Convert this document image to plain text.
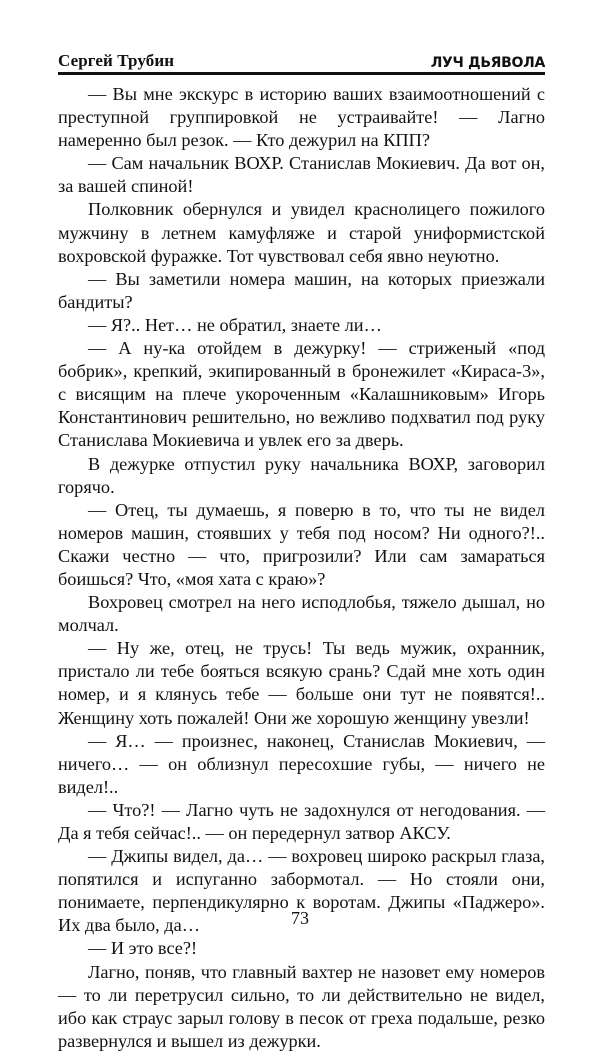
Сергей Трубин	ЛУЧ ДЬЯВОЛА

— Вы мне экскурс в историю ваших взаимоотношений с преступной группировкой не устраивайте! — Лагно намеренно был резок. — Кто дежурил на КПП?

— Сам начальник ВОХР. Станислав Мокиевич. Да вот он, за вашей спиной!

Полковник обернулся и увидел краснолицего пожилого мужчину в летнем камуфляже и старой униформистской вохровской фуражке. Тот чувствовал себя явно неуютно.

— Вы заметили номера машин, на которых приезжали бандиты?

— Я?.. Нет… не обратил, знаете ли…

— А ну-ка отойдем в дежурку! — стриженый «под бобрик», крепкий, экипированный в бронежилет «Кираса-3», с висящим на плече укороченным «Калашниковым» Игорь Константинович решительно, но вежливо подхватил под руку Станислава Мокиевича и увлек его за дверь.

В дежурке отпустил руку начальника ВОХР, заговорил горячо.

— Отец, ты думаешь, я поверю в то, что ты не видел номеров машин, стоявших у тебя под носом? Ни одного?!.. Скажи честно — что, пригрозили? Или сам замараться боишься? Что, «моя хата с краю»?

Вохровец смотрел на него исподлобья, тяжело дышал, но молчал.

— Ну же, отец, не трусь! Ты ведь мужик, охранник, пристало ли тебе бояться всякую срань? Сдай мне хоть один номер, и я клянусь тебе — больше они тут не появятся!.. Женщину хоть пожалей! Они же хорошую женщину увезли!

— Я… — произнес, наконец, Станислав Мокиевич, — ничего… — он облизнул пересохшие губы, — ничего не видел!..

— Что?! — Лагно чуть не задохнулся от негодования. — Да я тебя сейчас!.. — он передернул затвор АКСУ.

— Джипы видел, да… — вохровец широко раскрыл глаза, попятился и испуганно забормотал. — Но стояли они, понимаете, перпендикулярно к воротам. Джипы «Паджеро». Их два было, да…

— И это все?!

Лагно, поняв, что главный вахтер не назовет ему номеров — то ли перетрусил сильно, то ли действительно не видел, ибо как страус зарыл голову в песок от греха подальше, резко развернулся и вышел из дежурки.

73
